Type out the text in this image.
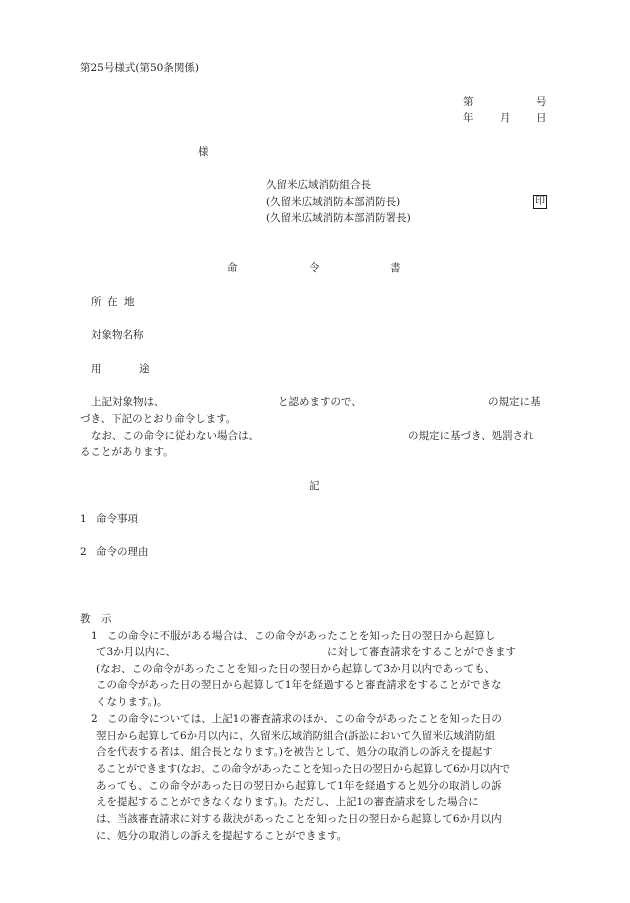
第25号様式(第50条関係)
第	号
年	月 日
様
久留米広域消防組合長
(久留米広域消防本部消防長)
(久留米広域消防本部消防署長)
印
命	令	書
所 在 地
対象物名称
用	途
上記対象物は、	と認めますので、	の規定に基
づき、下記のとおり命令します。
なお、この命令に従わない場合は、	の規定に基づき、処罰され
ることがあります。
記
1 命令事項
2 命令の理由
教　示
1 この命令に不服がある場合は、この命令があったことを知った日の翌日から起算し
て3か月以内に、	に対して審査請求をすることができます
(なお、この命令があったことを知った日の翌日から起算して3か月以内であっても、
この命令があった日の翌日から起算して1年を経過すると審査請求をすることができな
くなります。)。
2 この命令については、上記1の審査請求のほか、この命令があったことを知った日の
翌日から起算して6か月以内に、久留米広域消防組合(訴訟において久留米広域消防組
合を代表する者は、組合長となります。)を被告として、処分の取消しの訴えを提起す
ることができます(なお、この命令があったことを知った日の翌日から起算して6か月以内で
あっても、この命令があった日の翌日から起算して1年を経過すると処分の取消しの訴
えを提起することができなくなります。)。ただし、上記1の審査請求をした場合に
は、当該審査請求に対する裁決があったことを知った日の翌日から起算して6か月以内
に、処分の取消しの訴えを提起することができます。
